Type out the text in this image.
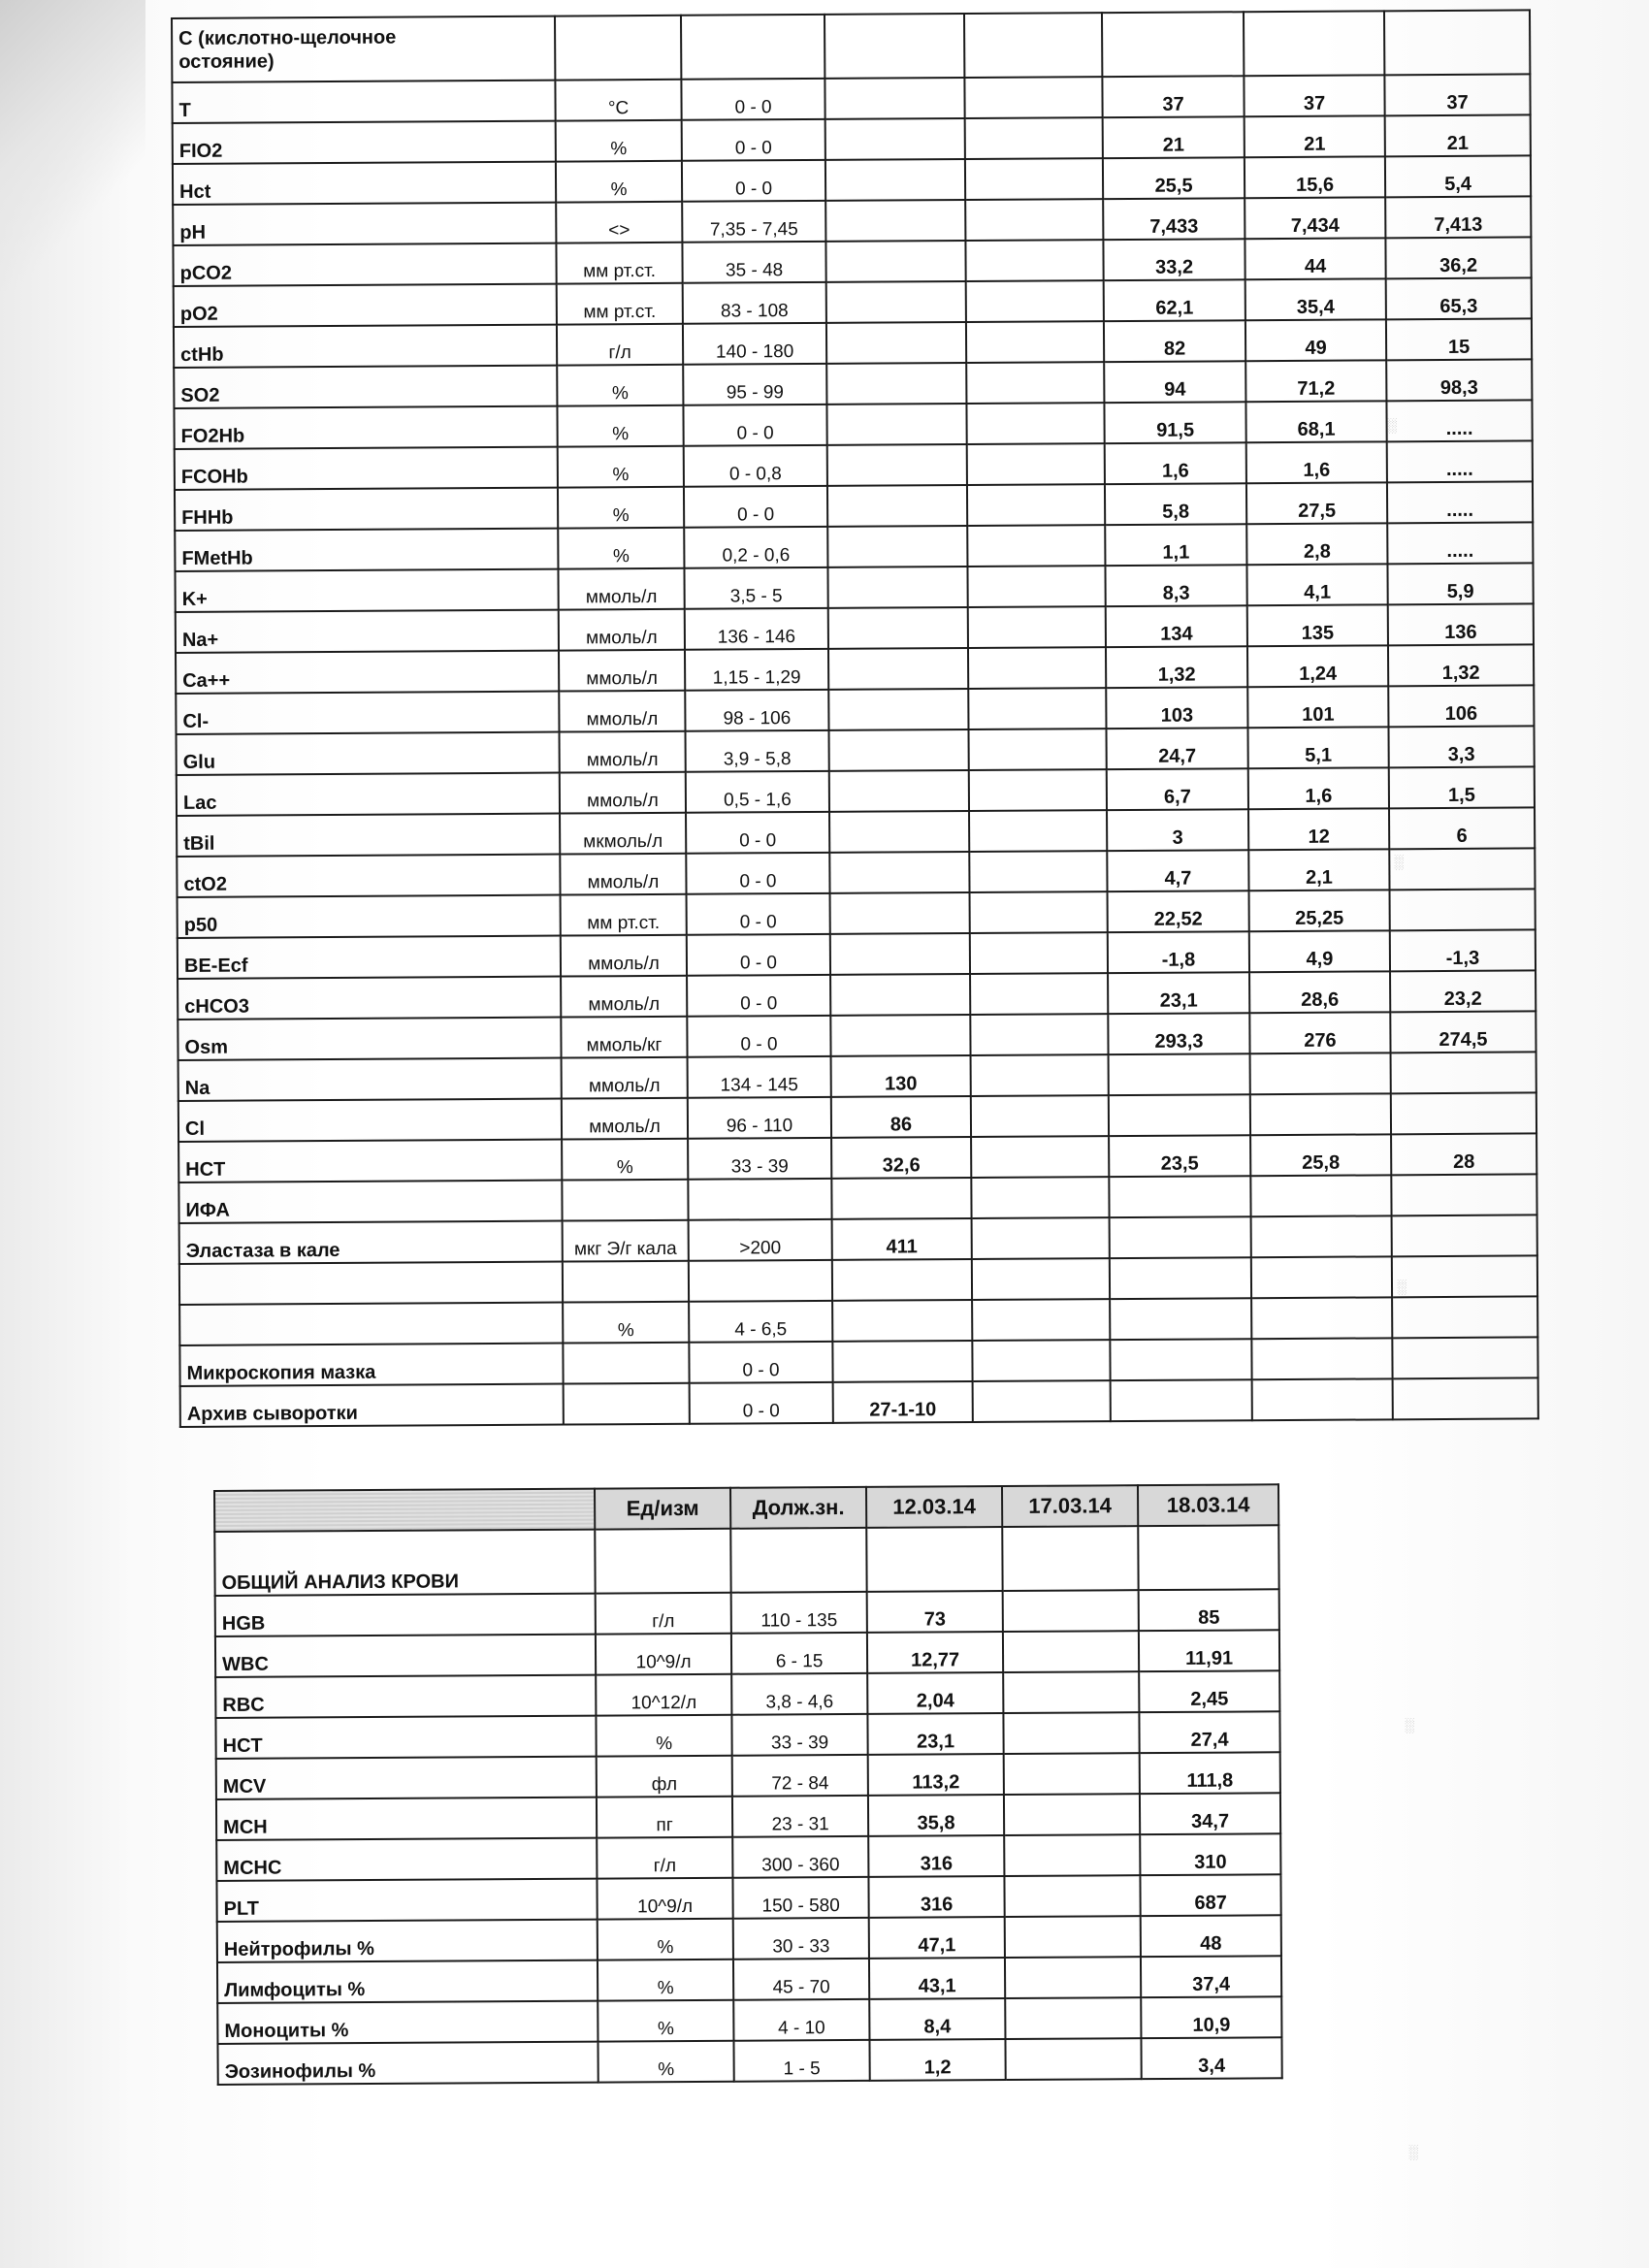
С (кислотно-щелочное
остояние)							
T	°C	0 - 0			37	37	37
FIO2	%	0 - 0			21	21	21
Hct	%	0 - 0			25,5	15,6	5,4
pH	<>	7,35 - 7,45			7,433	7,434	7,413
pCO2	мм рт.ст.	35 - 48			33,2	44	36,2
pO2	мм рт.ст.	83 - 108			62,1	35,4	65,3
ctHb	г/л	140 - 180			82	49	15
SO2	%	95 - 99			94	71,2	98,3
FO2Hb	%	0 - 0			91,5	68,1	.....
FCOHb	%	0 - 0,8			1,6	1,6	.....
FHHb	%	0 - 0			5,8	27,5	.....
FMetHb	%	0,2 - 0,6			1,1	2,8	.....
K+	ммоль/л	3,5 - 5			8,3	4,1	5,9
Na+	ммоль/л	136 - 146			134	135	136
Ca++	ммоль/л	1,15 - 1,29			1,32	1,24	1,32
Cl-	ммоль/л	98 - 106			103	101	106
Glu	ммоль/л	3,9 - 5,8			24,7	5,1	3,3
Lac	ммоль/л	0,5 - 1,6			6,7	1,6	1,5
tBil	мкмоль/л	0 - 0			3	12	6
ctO2	ммоль/л	0 - 0			4,7	2,1	
p50	мм рт.ст.	0 - 0			22,52	25,25	
BE-Ecf	ммоль/л	0 - 0			-1,8	4,9	-1,3
cHCO3	ммоль/л	0 - 0			23,1	28,6	23,2
Osm	ммоль/кг	0 - 0			293,3	276	274,5
Na	ммоль/л	134 - 145	130				
Cl	ммоль/л	96 - 110	86				
HCT	%	33 - 39	32,6		23,5	25,8	28
ИФА							
Эластаза в кале	мкг Э/г кала	>200	411				

	%	4 - 6,5					
Микроскопия мазка		0 - 0					
Архив сыворотки		0 - 0	27-1-10				
	Ед/изм	Долж.зн.	12.03.14	17.03.14	18.03.14
ОБЩИЙ АНАЛИЗ КРОВИ					
HGB	г/л	110 - 135	73		85
WBC	10^9/л	6 - 15	12,77		11,91
RBC	10^12/л	3,8 - 4,6	2,04		2,45
HCT	%	33 - 39	23,1		27,4
MCV	фл	72 - 84	113,2		111,8
MCH	пг	23 - 31	35,8		34,7
MCHC	г/л	300 - 360	316		310
PLT	10^9/л	150 - 580	316		687
Нейтрофилы %	%	30 - 33	47,1		48
Лимфоциты %	%	45 - 70	43,1		37,4
Моноциты %	%	4 - 10	8,4		10,9
Эозинофилы %	%	1 - 5	1,2		3,4
░
░
░
░
░
